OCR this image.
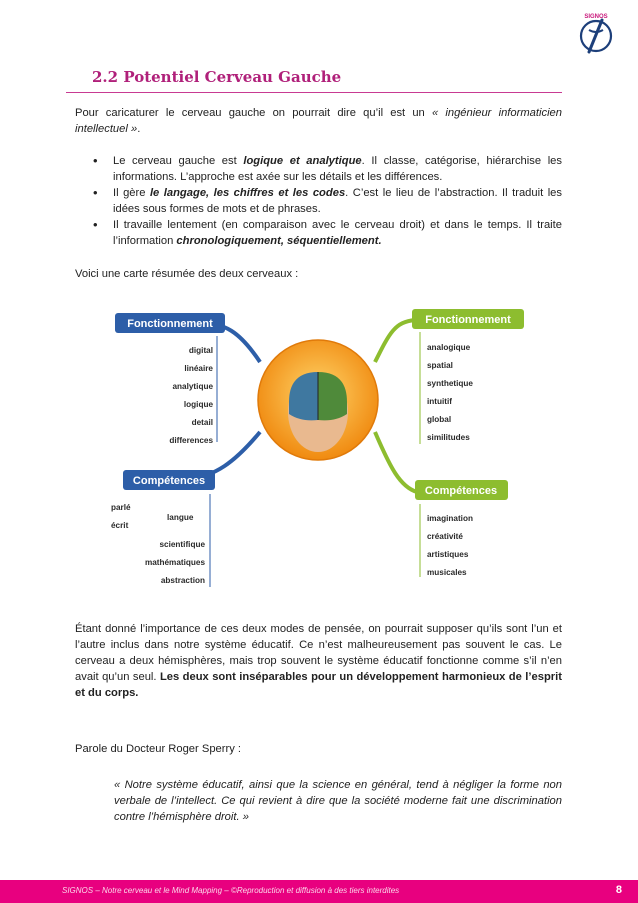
SIGNOS
2.2 Potentiel Cerveau Gauche

Pour caricaturer le cerveau gauche on pourrait dire qu’il est un « ingénieur informaticien intellectuel ».

• Le cerveau gauche est logique et analytique. Il classe, catégorise, hiérarchise les informations. L’approche est axée sur les détails et les différences.
• Il gère le langage, les chiffres et les codes. C’est le lieu de l’abstraction. Il traduit les idées sous formes de mots et de phrases.
• Il travaille lentement (en comparaison avec le cerveau droit) et dans le temps. Il traite l’information chronologiquement, séquentiellement.

Voici une carte résumée des deux cerveaux :

Fonctionnement
digital
linéaire
analytique
logique
detail
differences
Compétences
parlé
langue
écrit
scientifique
mathématiques
abstraction
Fonctionnement
analogique
spatial
synthetique
intuitif
global
similitudes
Compétences
imagination
créativité
artistiques
musicales

Étant donné l’importance de ces deux modes de pensée, on pourrait supposer qu’ils sont l’un et l’autre inclus dans notre système éducatif. Ce n’est malheureusement pas souvent le cas. Le cerveau a deux hémisphères, mais trop souvent le système éducatif fonctionne comme s’il n’en avait qu’un seul. Les deux sont inséparables pour un développement harmonieux de l’esprit et du corps.

Parole du Docteur Roger Sperry :

« Notre système éducatif, ainsi que la science en général, tend à négliger la forme non verbale de l’intellect. Ce qui revient à dire que la société moderne fait une discrimination contre l’hémisphère droit. »

SIGNOS – Notre cerveau et le Mind Mapping – ©Reproduction et diffusion à des tiers interdites	8
